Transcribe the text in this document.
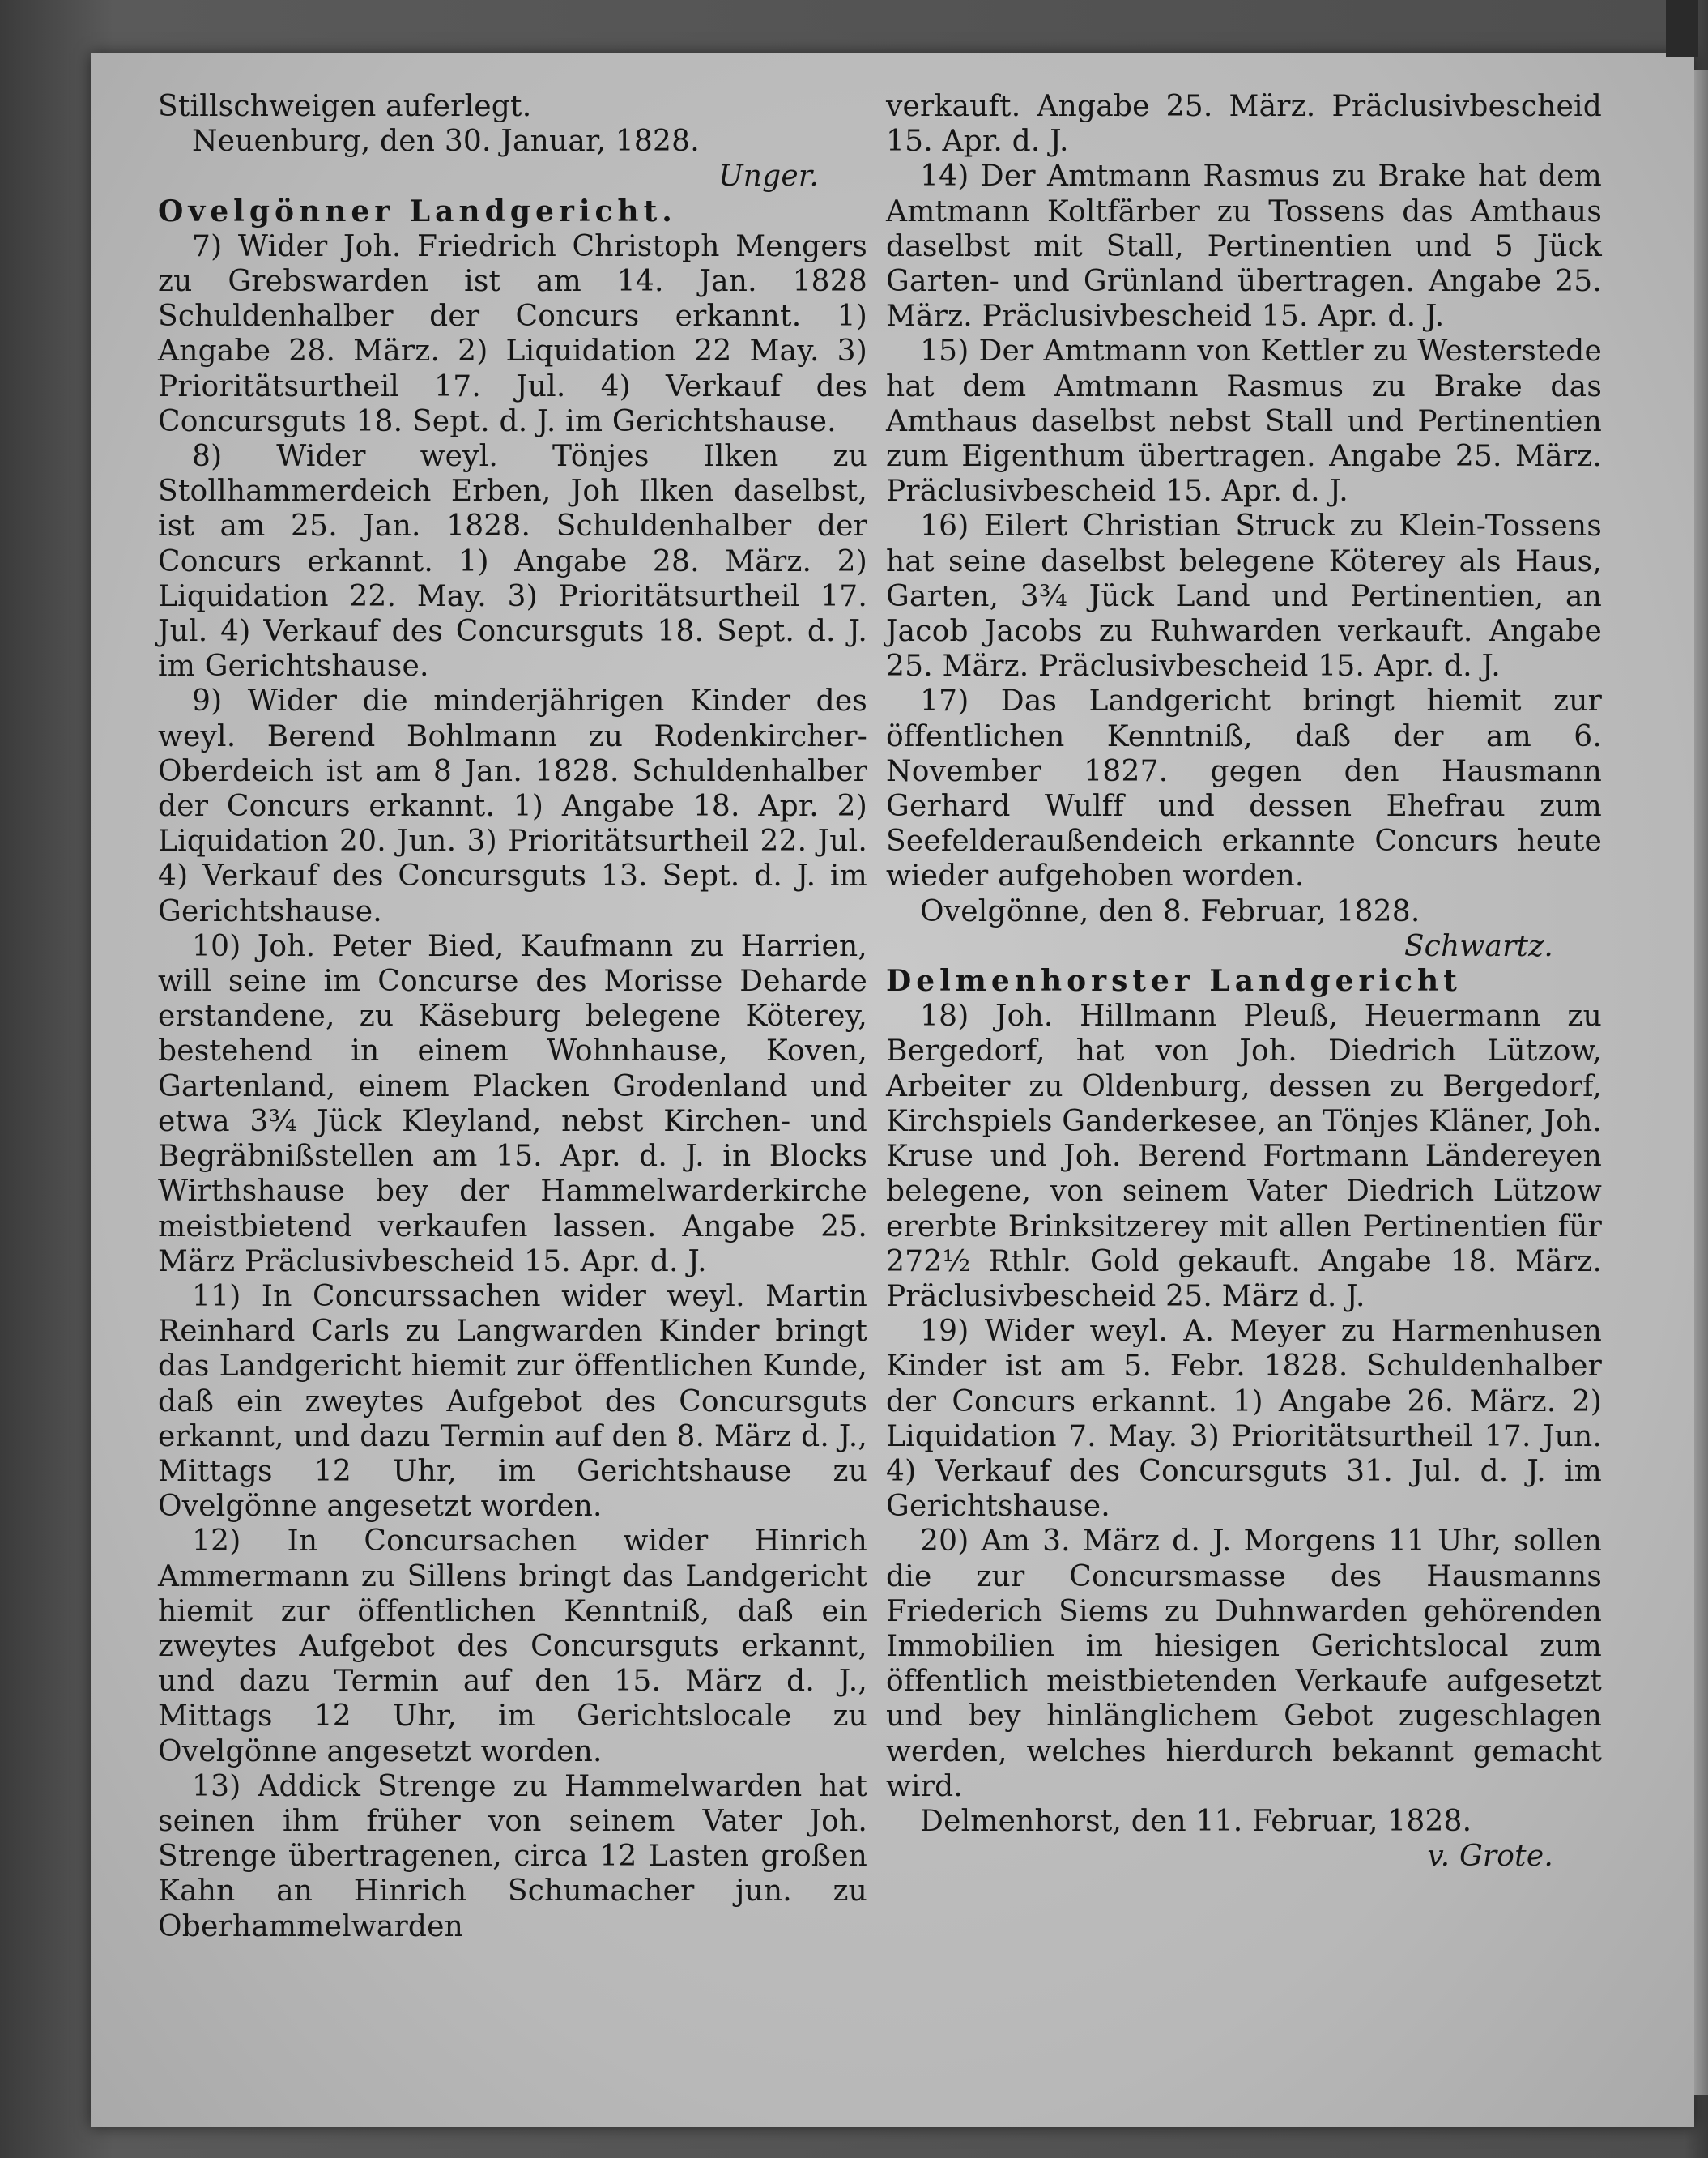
Stillschweigen auferlegt.

Neuenburg, den 30. Januar, 1828.

Unger.

Ovelgönner Landgericht.

7) Wider Joh. Friedrich Christoph Mengers zu Grebswarden ist am 14. Jan. 1828 Schuldenhalber der Concurs erkannt. 1) Angabe 28. März. 2) Liquidation 22 May. 3) Prioritätsurtheil 17. Jul. 4) Verkauf des Concursguts 18. Sept. d. J. im Gerichtshause.

8) Wider weyl. Tönjes Ilken zu Stollhammerdeich Erben, Joh Ilken daselbst, ist am 25. Jan. 1828. Schuldenhalber der Concurs erkannt. 1) Angabe 28. März. 2) Liquidation 22. May. 3) Prioritätsurtheil 17. Jul. 4) Verkauf des Concursguts 18. Sept. d. J. im Gerichtshause.

9) Wider die minderjährigen Kinder des weyl. Berend Bohlmann zu Rodenkircher-Oberdeich ist am 8 Jan. 1828. Schuldenhalber der Concurs erkannt. 1) Angabe 18. Apr. 2) Liquidation 20. Jun. 3) Prioritätsurtheil 22. Jul. 4) Verkauf des Concursguts 13. Sept. d. J. im Gerichtshause.

10) Joh. Peter Bied, Kaufmann zu Harrien, will seine im Concurse des Morisse Deharde erstandene, zu Käseburg belegene Köterey, bestehend in einem Wohnhause, Koven, Gartenland, einem Placken Grodenland und etwa 3¾ Jück Kleyland, nebst Kirchen- und Begräbnißstellen am 15. Apr. d. J. in Blocks Wirthshause bey der Hammelwarderkirche meistbietend verkaufen lassen. Angabe 25. März Präclusivbescheid 15. Apr. d. J.

11) In Concurssachen wider weyl. Martin Reinhard Carls zu Langwarden Kinder bringt das Landgericht hiemit zur öffentlichen Kunde, daß ein zweytes Aufgebot des Concursguts erkannt, und dazu Termin auf den 8. März d. J., Mittags 12 Uhr, im Gerichtshause zu Ovelgönne angesetzt worden.

12) In Concursachen wider Hinrich Ammermann zu Sillens bringt das Landgericht hiemit zur öffentlichen Kenntniß, daß ein zweytes Aufgebot des Concursguts erkannt, und dazu Termin auf den 15. März d. J., Mittags 12 Uhr, im Gerichtslocale zu Ovelgönne angesetzt worden.

13) Addick Strenge zu Hammelwarden hat seinen ihm früher von seinem Vater Joh. Strenge übertragenen, circa 12 Lasten großen Kahn an Hinrich Schumacher jun. zu Oberhammelwarden

verkauft. Angabe 25. März. Präclusivbescheid 15. Apr. d. J.

14) Der Amtmann Rasmus zu Brake hat dem Amtmann Koltfärber zu Tossens das Amthaus daselbst mit Stall, Pertinentien und 5 Jück Garten- und Grünland übertragen. Angabe 25. März. Präclusivbescheid 15. Apr. d. J.

15) Der Amtmann von Kettler zu Westerstede hat dem Amtmann Rasmus zu Brake das Amthaus daselbst nebst Stall und Pertinentien zum Eigenthum übertragen. Angabe 25. März. Präclusivbescheid 15. Apr. d. J.

16) Eilert Christian Struck zu Klein-Tossens hat seine daselbst belegene Köterey als Haus, Garten, 3¾ Jück Land und Pertinentien, an Jacob Jacobs zu Ruhwarden verkauft. Angabe 25. März. Präclusivbescheid 15. Apr. d. J.

17) Das Landgericht bringt hiemit zur öffentlichen Kenntniß, daß der am 6. November 1827. gegen den Hausmann Gerhard Wulff und dessen Ehefrau zum Seefelderaußendeich erkannte Concurs heute wieder aufgehoben worden.

Ovelgönne, den 8. Februar, 1828.

Schwartz.

Delmenhorster Landgericht

18) Joh. Hillmann Pleuß, Heuermann zu Bergedorf, hat von Joh. Diedrich Lützow, Arbeiter zu Oldenburg, dessen zu Bergedorf, Kirchspiels Ganderkesee, an Tönjes Kläner, Joh. Kruse und Joh. Berend Fortmann Ländereyen belegene, von seinem Vater Diedrich Lützow ererbte Brinksitzerey mit allen Pertinentien für 272½ Rthlr. Gold gekauft. Angabe 18. März. Präclusivbescheid 25. März d. J.

19) Wider weyl. A. Meyer zu Harmenhusen Kinder ist am 5. Febr. 1828. Schuldenhalber der Concurs erkannt. 1) Angabe 26. März. 2) Liquidation 7. May. 3) Prioritätsurtheil 17. Jun. 4) Verkauf des Concursguts 31. Jul. d. J. im Gerichtshause.

20) Am 3. März d. J. Morgens 11 Uhr, sollen die zur Concursmasse des Hausmanns Friederich Siems zu Duhnwarden gehörenden Immobilien im hiesigen Gerichtslocal zum öffentlich meistbietenden Verkaufe aufgesetzt und bey hinlänglichem Gebot zugeschlagen werden, welches hierdurch bekannt gemacht wird.

Delmenhorst, den 11. Februar, 1828.

v. Grote.
